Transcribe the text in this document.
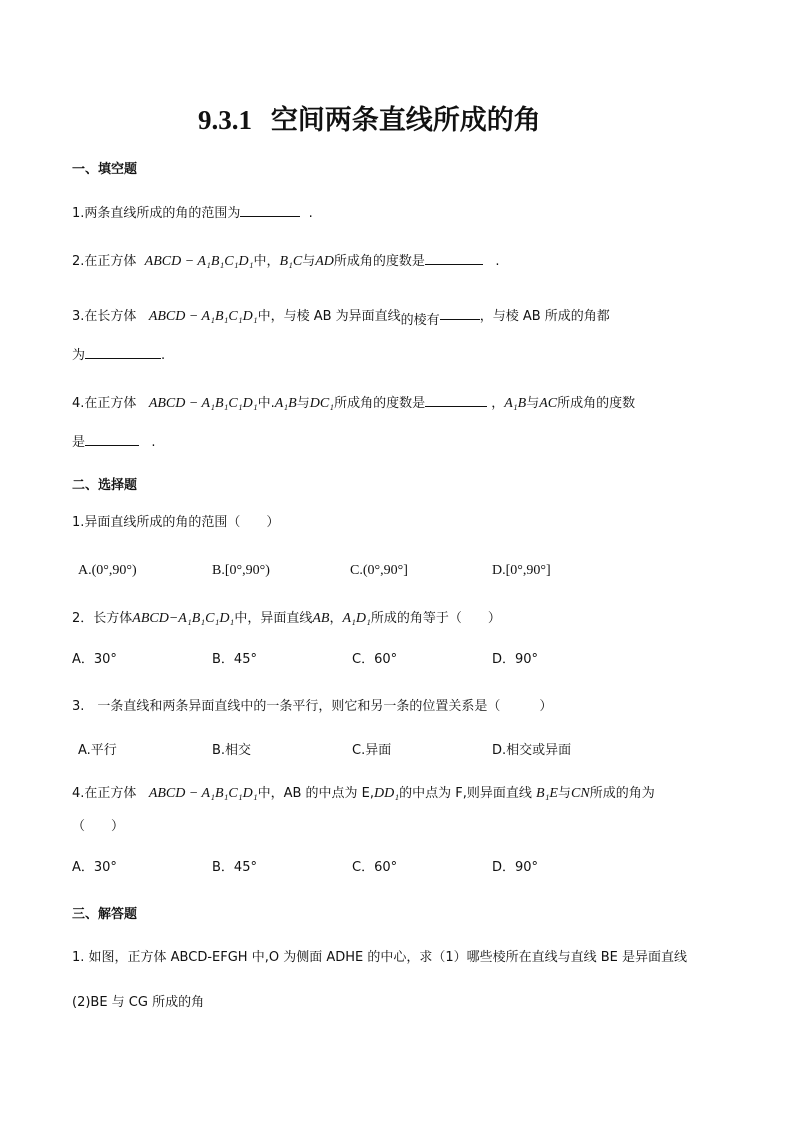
9.3.1 空间两条直线所成的角
一、填空题
1.两条直线所成的角的范围为	.
2.在正方体 ABCD − A₁B₁C₁D₁中，B₁C与AD所成角的度数是	.
3.在长方体 ABCD − A₁B₁C₁D₁中，与棱 AB 为异面直线的棱有	，与棱 AB 所成的角都
为	.
4.在正方体 ABCD − A₁B₁C₁D₁中.A₁B与DC₁所成角的度数是	，A₁B与AC所成角的度数
是	.
二、选择题
1.异面直线所成的角的范围（　　）
A.(0°,90°)	B.[0°,90°)	C.(0°,90°]	D.[0°,90°]
2．长方体ABCD−A₁B₁C₁D₁中，异面直线AB，A₁D₁所成的角等于（　　）
A．30°	B．45°	C．60°	D．90°
3.　一条直线和两条异面直线中的一条平行，则它和另一条的位置关系是（　　　）
A.平行	B.相交	C.异面	D.相交或异面
4.在正方体 ABCD − A₁B₁C₁D₁中，AB 的中点为 E,DD₁的中点为 F,则异面直线 B₁E与CN所成的角为
（　　）
A．30°	B．45°	C．60°	D．90°
三、解答题
1. 如图，正方体 ABCD-EFGH 中,O 为侧面 ADHE 的中心，求（1）哪些棱所在直线与直线 BE 是异面直线
(2)BE 与 CG 所成的角
